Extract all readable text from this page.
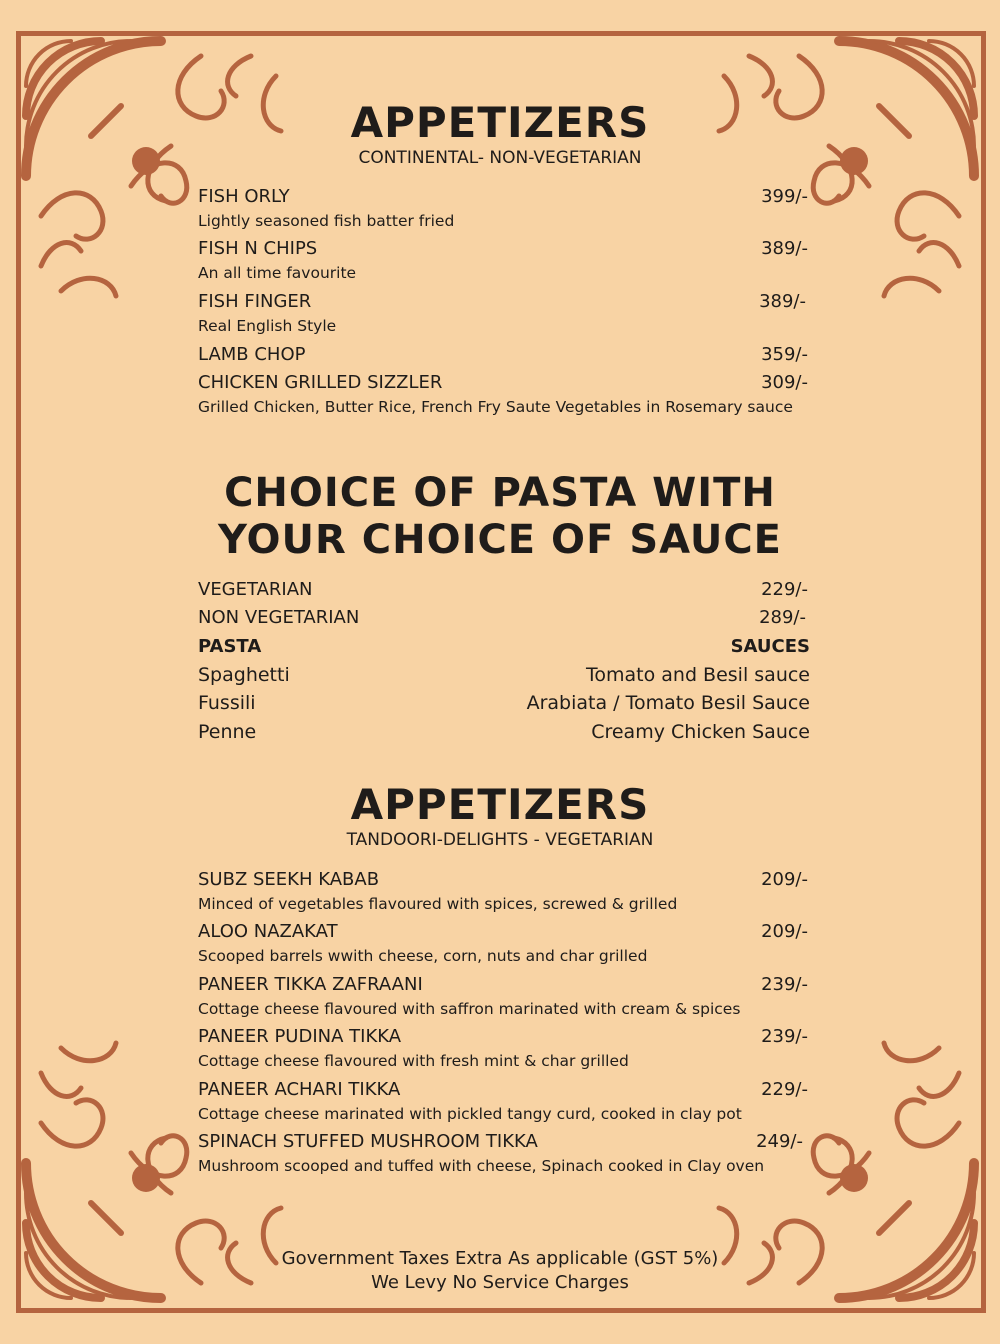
APPETIZERS
CONTINENTAL- NON-VEGETARIAN
FISH ORLY	399/-
Lightly seasoned fish batter fried
FISH N CHIPS	389/-
An all time favourite
FISH FINGER	389/-
Real English Style
LAMB CHOP	359/-
CHICKEN GRILLED SIZZLER	309/-
Grilled Chicken, Butter Rice, French Fry Saute Vegetables in Rosemary sauce
CHOICE OF PASTA WITH
YOUR CHOICE OF SAUCE
VEGETARIAN	229/-
NON VEGETARIAN	289/-
PASTA	SAUCES
Spaghetti	Tomato and Besil sauce
Fussili	Arabiata / Tomato Besil Sauce
Penne	Creamy Chicken Sauce
APPETIZERS
TANDOORI-DELIGHTS - VEGETARIAN
SUBZ SEEKH KABAB	209/-
Minced of vegetables flavoured with spices, screwed & grilled
ALOO NAZAKAT	209/-
Scooped barrels wwith cheese, corn, nuts and char grilled
PANEER TIKKA ZAFRAANI	239/-
Cottage cheese flavoured with saffron marinated with cream & spices
PANEER PUDINA TIKKA	239/-
Cottage cheese flavoured with fresh mint & char grilled
PANEER ACHARI TIKKA	229/-
Cottage cheese marinated with pickled tangy curd, cooked in clay pot
SPINACH STUFFED MUSHROOM TIKKA	249/-
Mushroom scooped and tuffed with cheese, Spinach cooked in Clay oven
Government Taxes Extra As applicable (GST 5%)
We Levy No Service Charges
